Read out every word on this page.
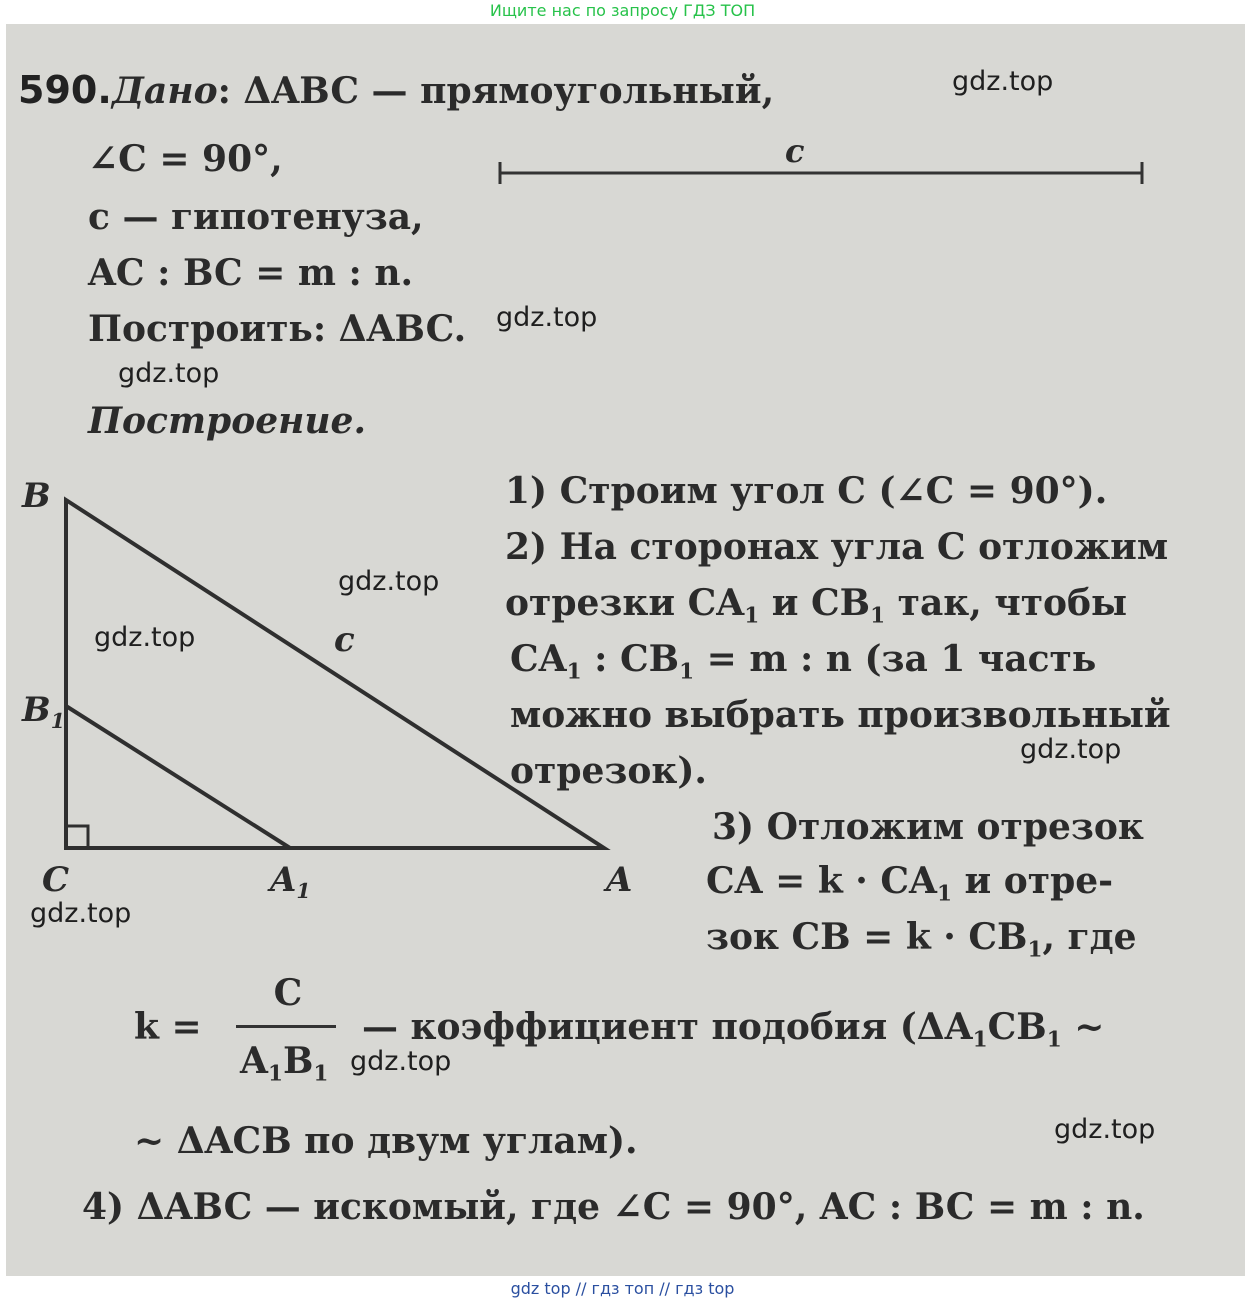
Ищите нас по запросу ГДЗ ТОП
590. Дано: ΔABC — прямоугольный,
∠C = 90°,
c — гипотенуза,
AC : BC = m : n.
Построить: ΔABC.
Построение.
c
B
$B_1$
C	$A_1$	A
c
1) Строим угол C (∠C = 90°).
2) На сторонах угла C отложим
отрезки $CA_1$ и $CB_1$ так, чтобы
$CA_1$ : $CB_1 = m$ : n (за 1 часть
можно выбрать произвольный
отрезок).
3) Отложим отрезок
CA = $k \cdot CA_1$ и отре-
зок CB = $k \cdot CB_1$, где
k =
C
$A_1B_1$
— коэффициент подобия ($\Delta A_1CB_1$ ~
~ ΔACB по двум углам).
4) ΔABC — искомый, где ∠C = 90°, AC : BC = m : n.
gdz.top
gdz.top
gdz.top
gdz.top
gdz.top
gdz.top
gdz.top
gdz.top
gdz.top
gdz top // гдз топ // гдз top
